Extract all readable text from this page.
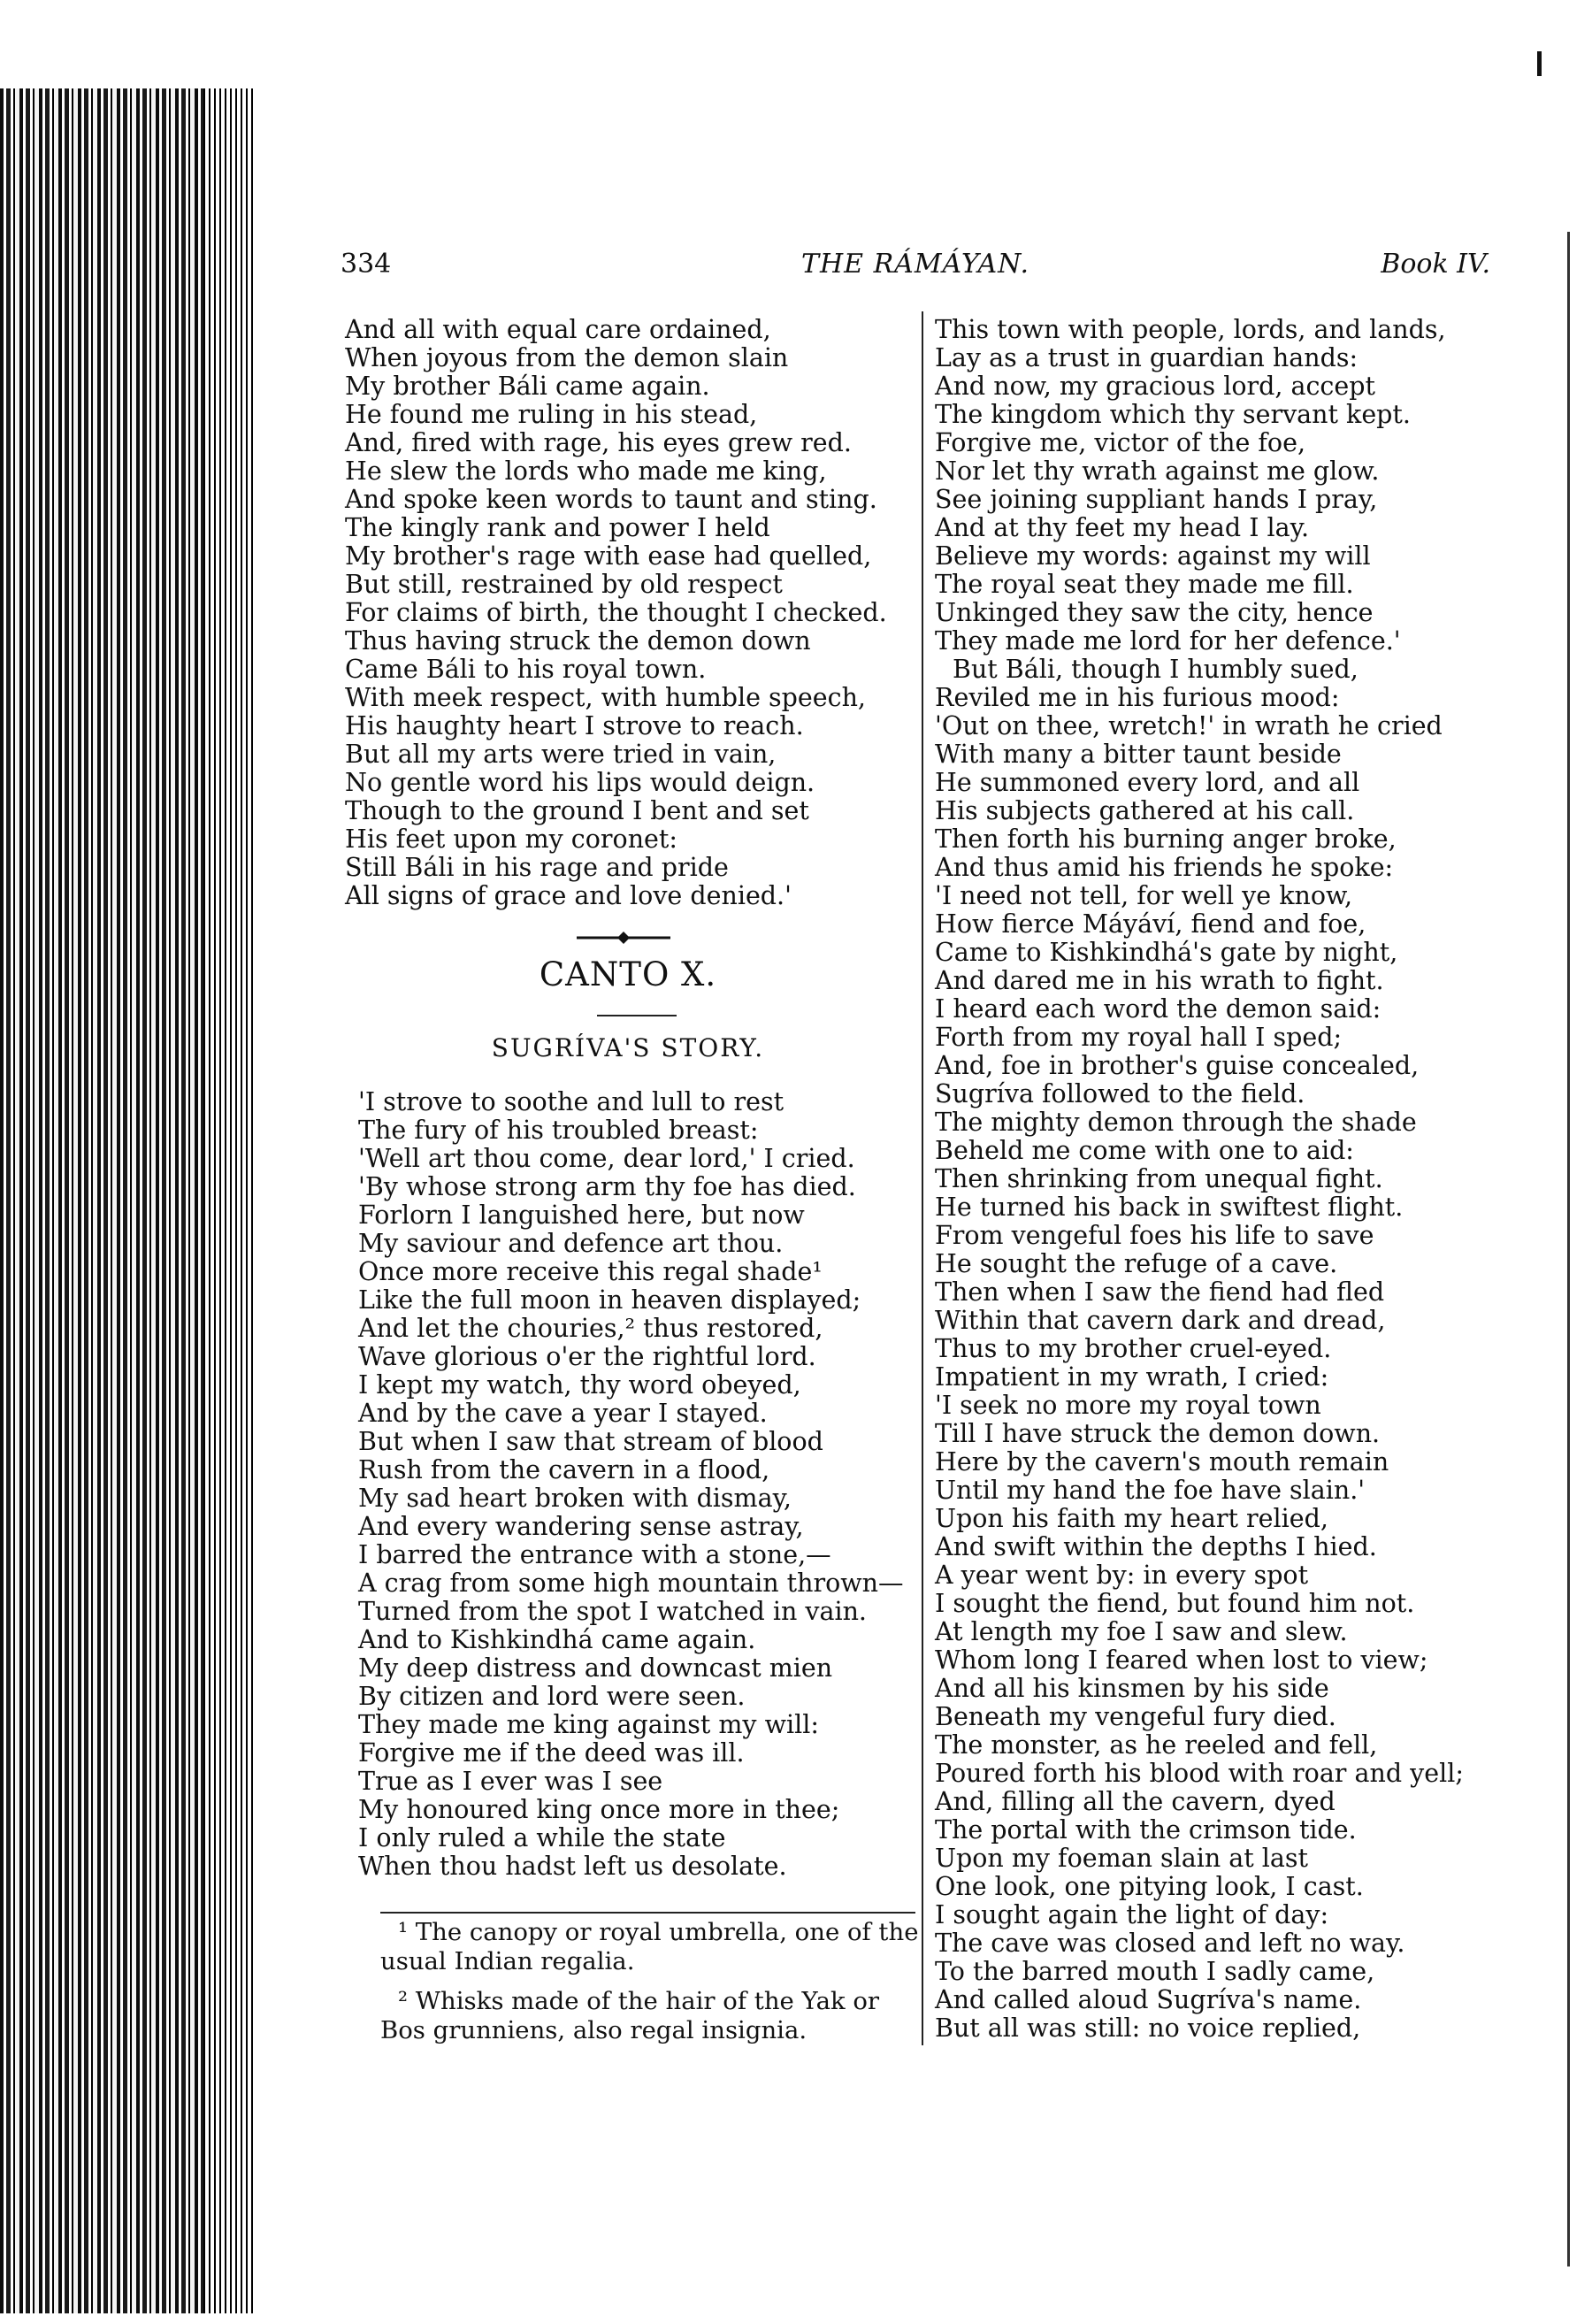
334	THE RÁMÁYAN.	Book IV.
And all with equal care ordained,
When joyous from the demon slain
My brother Báli came again.
He found me ruling in his stead,
And, fired with rage, his eyes grew red.
He slew the lords who made me king,
And spoke keen words to taunt and sting.
The kingly rank and power I held
My brother's rage with ease had quelled,
But still, restrained by old respect
For claims of birth, the thought I checked.
Thus having struck the demon down
Came Báli to his royal town.
With meek respect, with humble speech,
His haughty heart I strove to reach.
But all my arts were tried in vain,
No gentle word his lips would deign.
Though to the ground I bent and set
His feet upon my coronet:
Still Báli in his rage and pride
All signs of grace and love denied.'
CANTO X.
SUGRÍVA'S STORY.
'I strove to soothe and lull to rest
The fury of his troubled breast:
'Well art thou come, dear lord,' I cried.
'By whose strong arm thy foe has died.
Forlorn I languished here, but now
My saviour and defence art thou.
Once more receive this regal shade¹
Like the full moon in heaven displayed;
And let the chouries,² thus restored,
Wave glorious o'er the rightful lord.
I kept my watch, thy word obeyed,
And by the cave a year I stayed.
But when I saw that stream of blood
Rush from the cavern in a flood,
My sad heart broken with dismay,
And every wandering sense astray,
I barred the entrance with a stone,—
A crag from some high mountain thrown—
Turned from the spot I watched in vain.
And to Kishkindhá came again.
My deep distress and downcast mien
By citizen and lord were seen.
They made me king against my will:
Forgive me if the deed was ill.
True as I ever was I see
My honoured king once more in thee;
I only ruled a while the state
When thou hadst left us desolate.

¹ The canopy or royal umbrella, one of the usual Indian regalia.

² Whisks made of the hair of the Yak or Bos grunniens, also regal insignia.

This town with people, lords, and lands,
Lay as a trust in guardian hands:
And now, my gracious lord, accept
The kingdom which thy servant kept.
Forgive me, victor of the foe,
Nor let thy wrath against me glow.
See joining suppliant hands I pray,
And at thy feet my head I lay.
Believe my words: against my will
The royal seat they made me fill.
Unkinged they saw the city, hence
They made me lord for her defence.'
But Báli, though I humbly sued,
Reviled me in his furious mood:
'Out on thee, wretch!' in wrath he cried
With many a bitter taunt beside
He summoned every lord, and all
His subjects gathered at his call.
Then forth his burning anger broke,
And thus amid his friends he spoke:
'I need not tell, for well ye know,
How fierce Máyáví, fiend and foe,
Came to Kishkindhá's gate by night,
And dared me in his wrath to fight.
I heard each word the demon said:
Forth from my royal hall I sped;
And, foe in brother's guise concealed,
Sugríva followed to the field.
The mighty demon through the shade
Beheld me come with one to aid:
Then shrinking from unequal fight.
He turned his back in swiftest flight.
From vengeful foes his life to save
He sought the refuge of a cave.
Then when I saw the fiend had fled
Within that cavern dark and dread,
Thus to my brother cruel-eyed.
Impatient in my wrath, I cried:
'I seek no more my royal town
Till I have struck the demon down.
Here by the cavern's mouth remain
Until my hand the foe have slain.'
Upon his faith my heart relied,
And swift within the depths I hied.
A year went by: in every spot
I sought the fiend, but found him not.
At length my foe I saw and slew.
Whom long I feared when lost to view;
And all his kinsmen by his side
Beneath my vengeful fury died.
The monster, as he reeled and fell,
Poured forth his blood with roar and yell;
And, filling all the cavern, dyed
The portal with the crimson tide.
Upon my foeman slain at last
One look, one pitying look, I cast.
I sought again the light of day:
The cave was closed and left no way.
To the barred mouth I sadly came,
And called aloud Sugríva's name.
But all was still: no voice replied,
